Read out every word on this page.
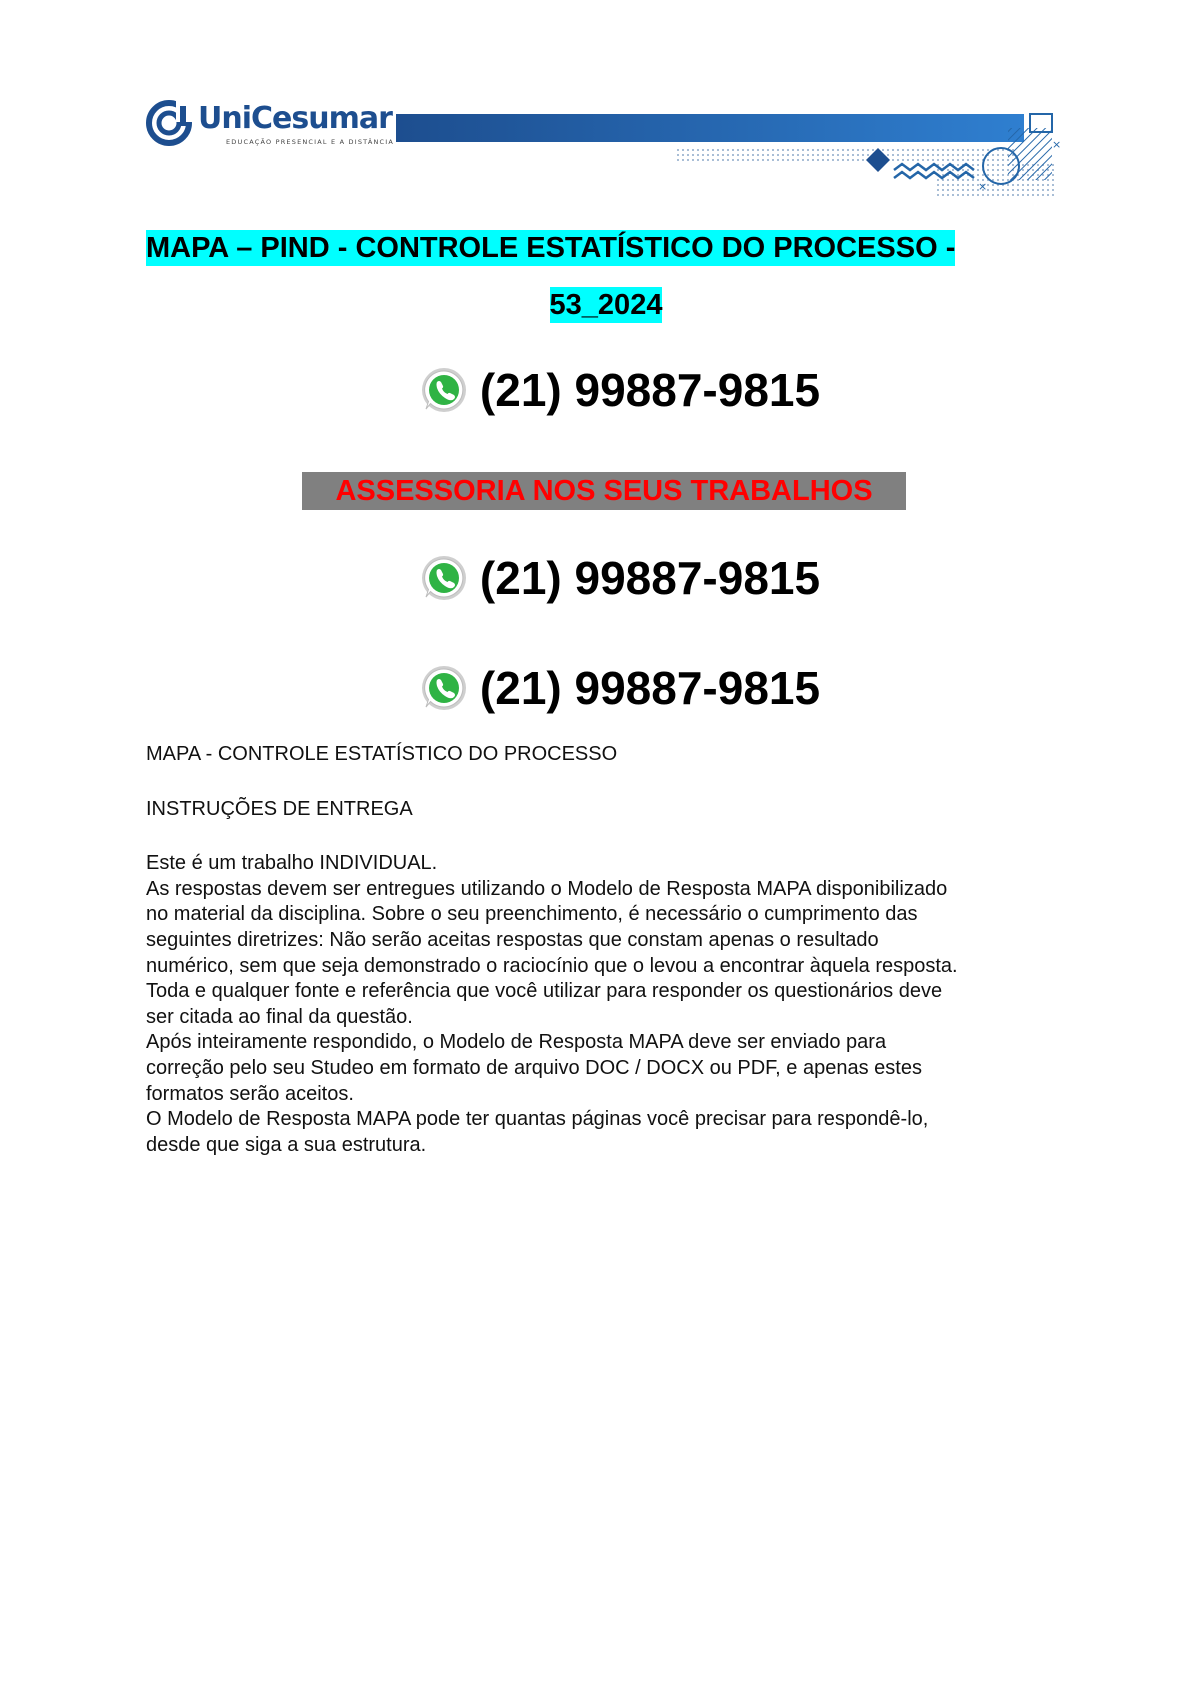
UniCesumar
EDUCAÇÃO PRESENCIAL E A DISTÂNCIA	×
×
MAPA – PIND - CONTROLE ESTATÍSTICO DO PROCESSO -
53_2024
(21) 99887-9815
ASSESSORIA NOS SEUS TRABALHOS
(21) 99887-9815
(21) 99887-9815

MAPA - CONTROLE ESTATÍSTICO DO PROCESSO

INSTRUÇÕES DE ENTREGA

Este é um trabalho INDIVIDUAL.

As respostas devem ser entregues utilizando o Modelo de Resposta MAPA disponibilizado

no material da disciplina. Sobre o seu preenchimento, é necessário o cumprimento das

seguintes diretrizes: Não serão aceitas respostas que constam apenas o resultado

numérico, sem que seja demonstrado o raciocínio que o levou a encontrar àquela resposta.

Toda e qualquer fonte e referência que você utilizar para responder os questionários deve

ser citada ao final da questão.

Após inteiramente respondido, o Modelo de Resposta MAPA deve ser enviado para

correção pelo seu Studeo em formato de arquivo DOC / DOCX ou PDF, e apenas estes

formatos serão aceitos.

O Modelo de Resposta MAPA pode ter quantas páginas você precisar para respondê-lo,

desde que siga a sua estrutura.
